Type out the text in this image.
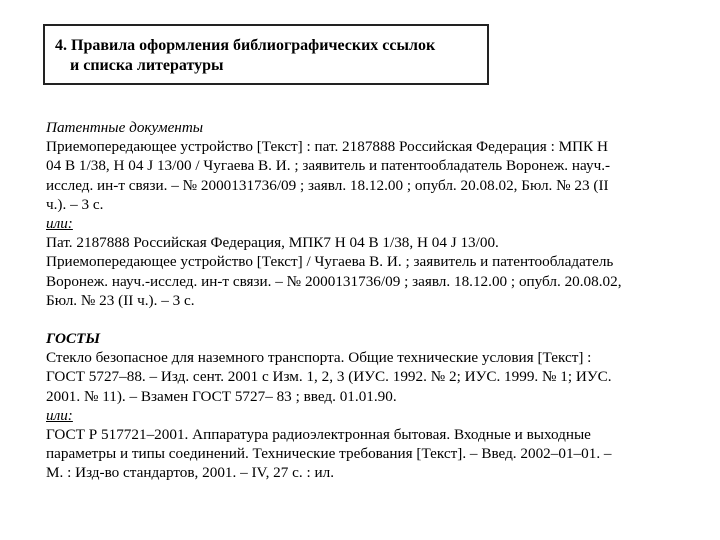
4. Правила оформления библиографических ссылок
и списка литературы

Патентные документы

Приемопередающее устройство [Текст] : пат. 2187888 Российская Федерация : МПК Н

04 В 1/38, Н 04 J 13/00 / Чугаева В. И. ; заявитель и патентообладатель Воронеж. науч.-

исслед. ин-т связи. – № 2000131736/09 ; заявл. 18.12.00 ; опубл. 20.08.02, Бюл. № 23 (II

ч.). – 3 с.

или:

Пат. 2187888 Российская Федерация, МПК7 Н 04 В 1/38, Н 04 J 13/00.

Приемопередающее устройство [Текст] / Чугаева В. И. ; заявитель и патентообладатель

Воронеж. науч.-исслед. ин-т связи. – № 2000131736/09 ; заявл. 18.12.00 ; опубл. 20.08.02,

Бюл. № 23 (II ч.). – 3 с.

ГОСТЫ

Стекло безопасное для наземного транспорта. Общие технические условия [Текст] :

ГОСТ 5727–88. – Изд. сент. 2001 с Изм. 1, 2, 3 (ИУС. 1992. № 2; ИУС. 1999. № 1; ИУС.

2001. № 11). – Взамен ГОСТ 5727– 83 ; введ. 01.01.90.

или:

ГОСТ Р 517721–2001. Аппаратура радиоэлектронная бытовая. Входные и выходные

параметры и типы соединений. Технические требования [Текст]. – Введ. 2002–01–01. –

М. : Изд-во стандартов, 2001. – IV, 27 с. : ил.
